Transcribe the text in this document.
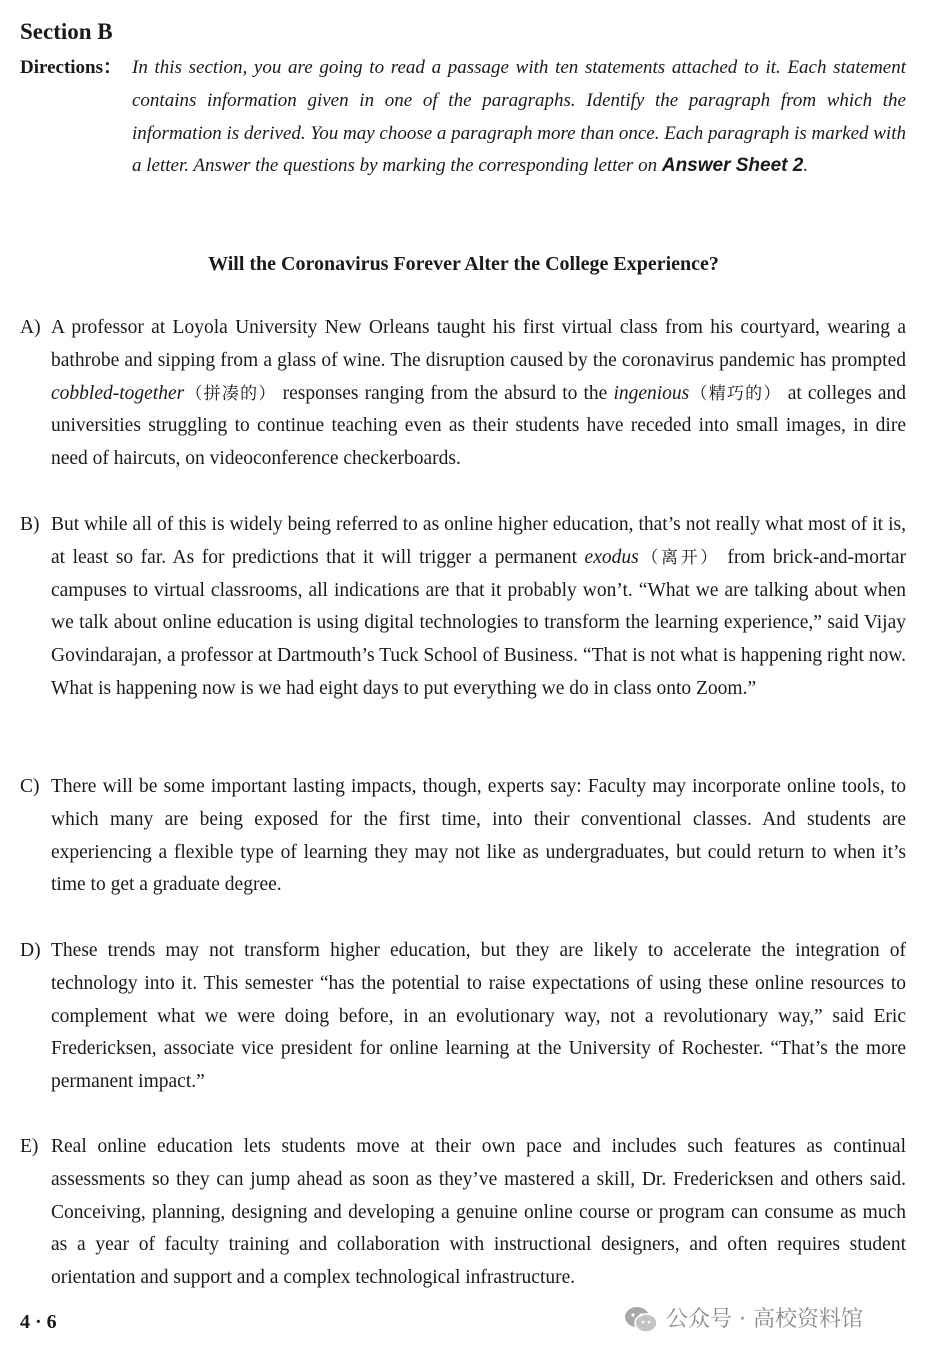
Section B
Directions： In this section, you are going to read a passage with ten statements attached to it. Each statement contains information given in one of the paragraphs. Identify the paragraph from which the information is derived. You may choose a paragraph more than once. Each paragraph is marked with a letter. Answer the questions by marking the corresponding letter on Answer Sheet 2.
Will the Coronavirus Forever Alter the College Experience?
A) A professor at Loyola University New Orleans taught his first virtual class from his courtyard, wearing a bathrobe and sipping from a glass of wine. The disruption caused by the coronavirus pandemic has prompted cobbled-together（拼凑的） responses ranging from the absurd to the ingenious（精巧的） at colleges and universities struggling to continue teaching even as their students have receded into small images, in dire need of haircuts, on videoconference checkerboards.
B) But while all of this is widely being referred to as online higher education, that’s not really what most of it is, at least so far. As for predictions that it will trigger a permanent exodus（离开） from brick-and-mortar campuses to virtual classrooms, all indications are that it probably won’t. “What we are talking about when we talk about online education is using digital technologies to transform the learning experience,” said Vijay Govindarajan, a professor at Dartmouth’s Tuck School of Business. “That is not what is happening right now. What is happening now is we had eight days to put everything we do in class onto Zoom.”
C) There will be some important lasting impacts, though, experts say: Faculty may incorporate online tools, to which many are being exposed for the first time, into their conventional classes. And students are experiencing a flexible type of learning they may not like as undergraduates, but could return to when it’s time to get a graduate degree.
D) These trends may not transform higher education, but they are likely to accelerate the integration of technology into it. This semester “has the potential to raise expectations of using these online resources to complement what we were doing before, in an evolutionary way, not a revolutionary way,” said Eric Fredericksen, associate vice president for online learning at the University of Rochester. “That’s the more permanent impact.”
E) Real online education lets students move at their own pace and includes such features as continual assessments so they can jump ahead as soon as they’ve mastered a skill, Dr. Fredericksen and others said. Conceiving, planning, designing and developing a genuine online course or program can consume as much as a year of faculty training and collaboration with instructional designers, and often requires student orientation and support and a complex technological infrastructure.
4 · 6	公众号 · 高校资料馆
